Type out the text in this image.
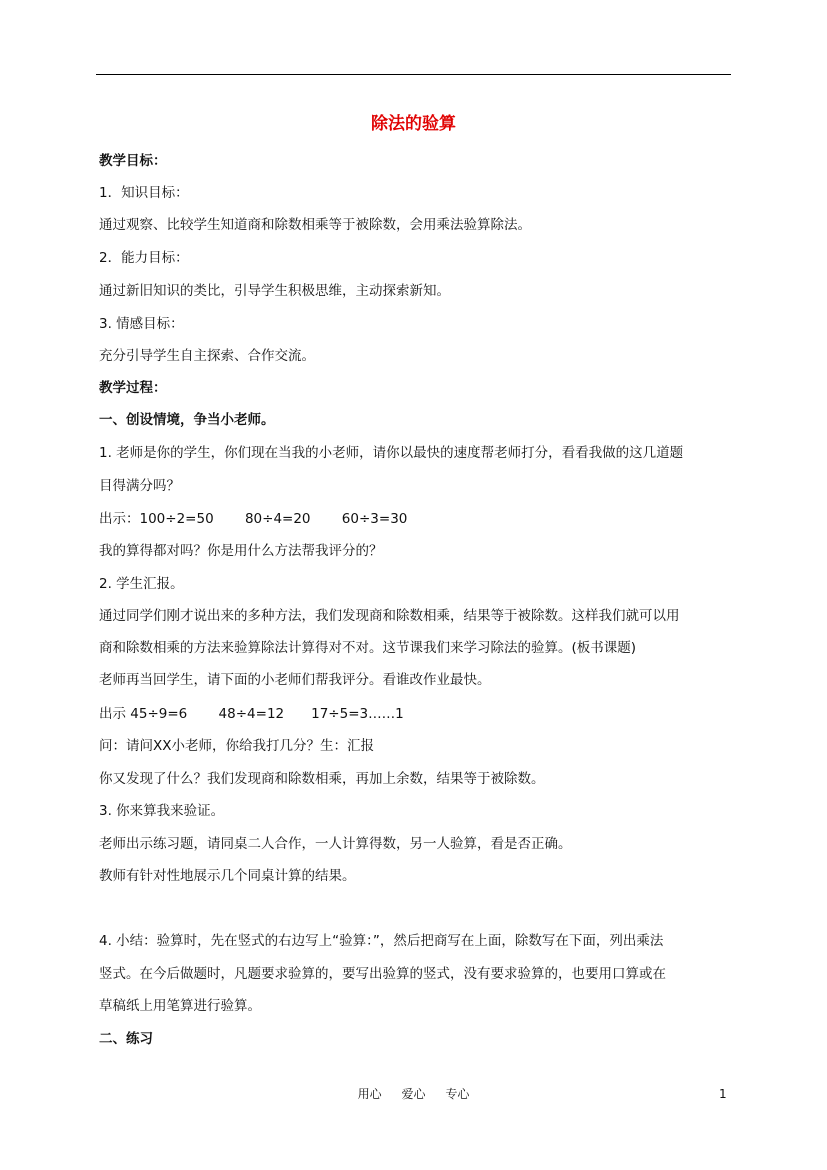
除法的验算
教学目标：
1．知识目标：
通过观察、比较学生知道商和除数相乘等于被除数，会用乘法验算除法。
2．能力目标：
通过新旧知识的类比，引导学生积极思维，主动探索新知。
3. 情感目标：
充分引导学生自主探索、合作交流。
教学过程：
一、创设情境，争当小老师。
1. 老师是你的学生，你们现在当我的小老师，请你以最快的速度帮老师打分，看看我做的这几道题
目得满分吗？
出示：100÷2=50　　 80÷4=20　　 60÷3=30
我的算得都对吗？你是用什么方法帮我评分的？
2. 学生汇报。
通过同学们刚才说出来的多种方法，我们发现商和除数相乘，结果等于被除数。这样我们就可以用
商和除数相乘的方法来验算除法计算得对不对。这节课我们来学习除法的验算。(板书课题)
老师再当回学生，请下面的小老师们帮我评分。看谁改作业最快。
出示 45÷9=6　　 48÷4=12　　17÷5=3……1
问：请问XX小老师，你给我打几分？生：汇报
你又发现了什么？我们发现商和除数相乘，再加上余数，结果等于被除数。
3. 你来算我来验证。
老师出示练习题，请同桌二人合作，一人计算得数，另一人验算，看是否正确。
教师有针对性地展示几个同桌计算的结果。
4. 小结：验算时，先在竖式的右边写上“验算：”，然后把商写在上面，除数写在下面，列出乘法
竖式。在今后做题时，凡题要求验算的，要写出验算的竖式，没有要求验算的，也要用口算或在
草稿纸上用笔算进行验算。
二、练习
用心 爱心 专心	1
